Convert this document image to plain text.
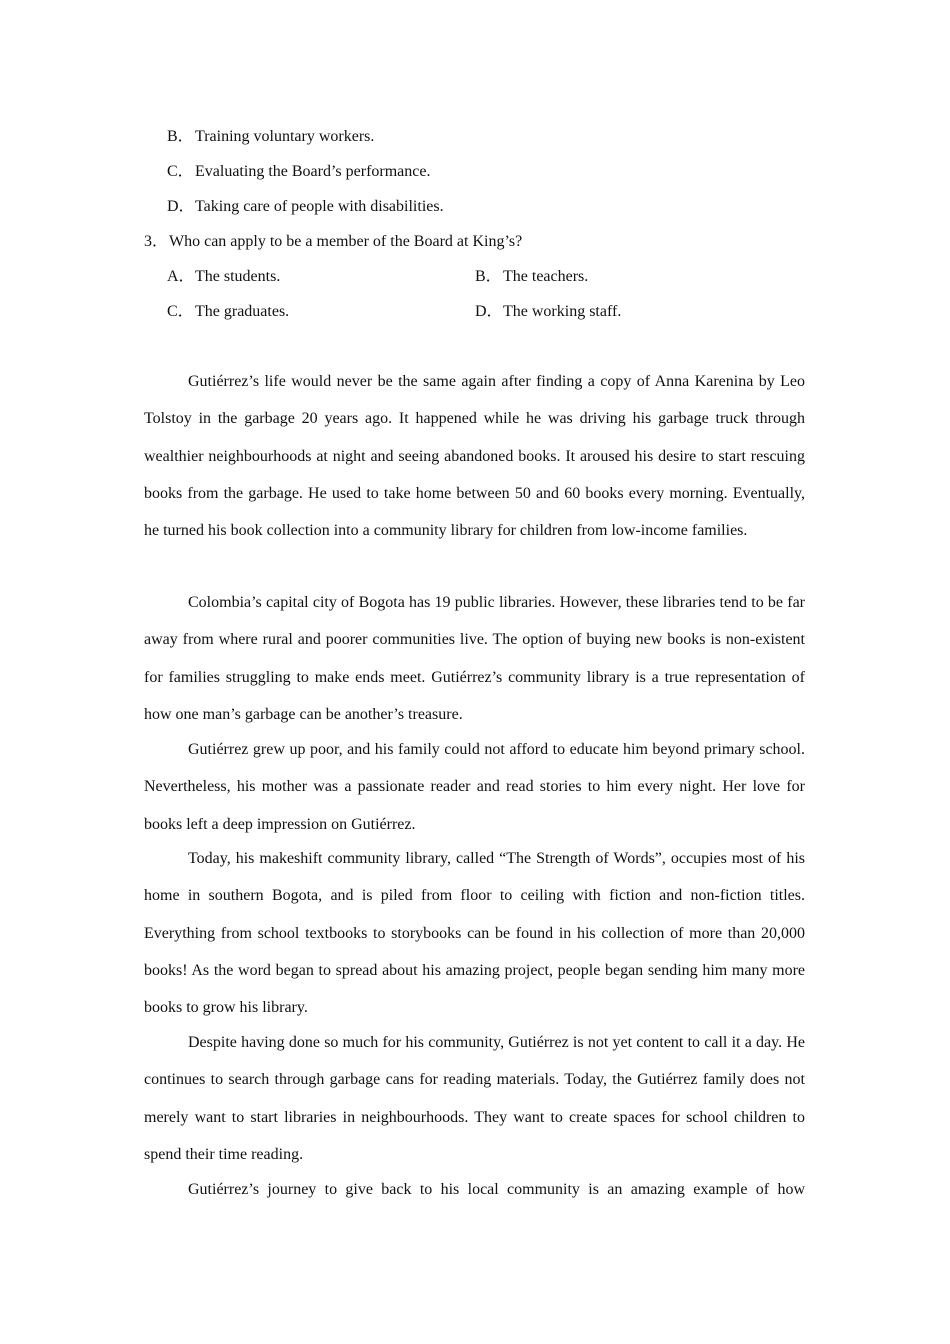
B．Training voluntary workers.
C．Evaluating the Board’s performance.
D．Taking care of people with disabilities.
3．Who can apply to be a member of the Board at King’s?
A．The students.	B．The teachers.
C．The graduates.	D．The working staff.

Gutiérrez’s life would never be the same again after finding a copy of Anna Karenina by Leo Tolstoy in the garbage 20 years ago. It happened while he was driving his garbage truck through wealthier neighbourhoods at night and seeing abandoned books. It aroused his desire to start rescuing books from the garbage. He used to take home between 50 and 60 books every morning. Eventually, he turned his book collection into a community library for children from low-income families.

Colombia’s capital city of Bogota has 19 public libraries. However, these libraries tend to be far away from where rural and poorer communities live. The option of buying new books is non-existent for families struggling to make ends meet. Gutiérrez’s community library is a true representation of how one man’s garbage can be another’s treasure.

Gutiérrez grew up poor, and his family could not afford to educate him beyond primary school. Nevertheless, his mother was a passionate reader and read stories to him every night. Her love for books left a deep impression on Gutiérrez.

Today, his makeshift community library, called “The Strength of Words”, occupies most of his home in southern Bogota, and is piled from floor to ceiling with fiction and non-fiction titles. Everything from school textbooks to storybooks can be found in his collection of more than 20,000 books! As the word began to spread about his amazing project, people began sending him many more books to grow his library.

Despite having done so much for his community, Gutiérrez is not yet content to call it a day. He continues to search through garbage cans for reading materials. Today, the Gutiérrez family does not merely want to start libraries in neighbourhoods. They want to create spaces for school children to spend their time reading.

Gutiérrez’s journey to give back to his local community is an amazing example of how
